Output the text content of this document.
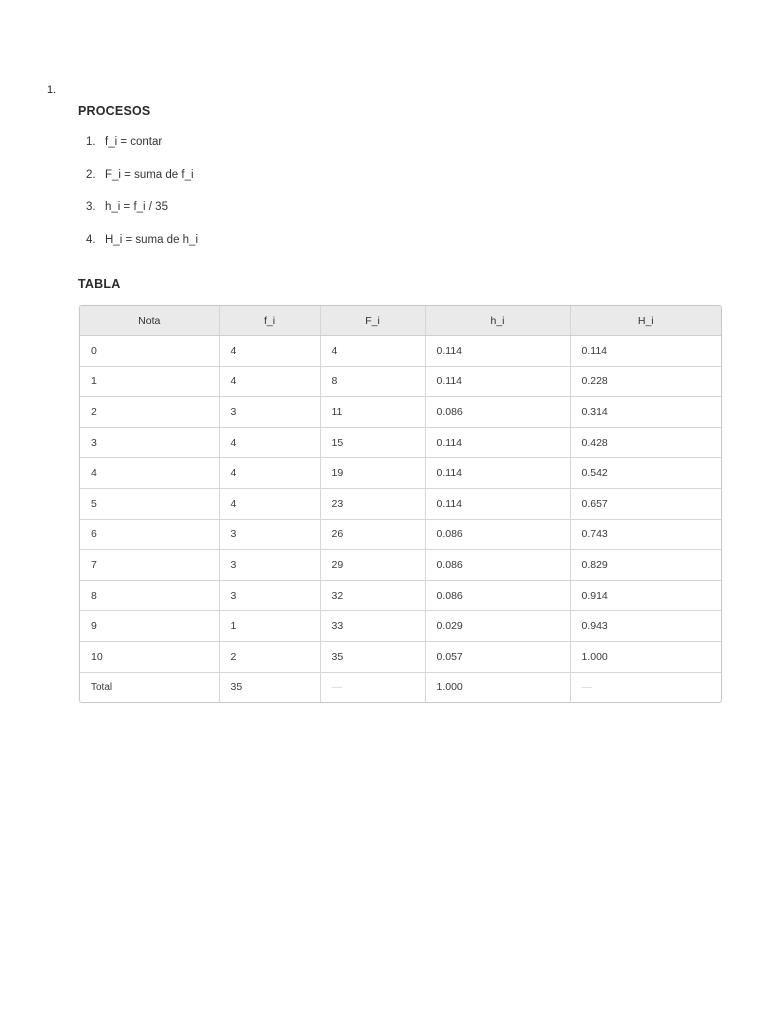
1.
PROCESOS
1. f_i = contar
2. F_i = suma de f_i
3. h_i = f_i / 35
4. H_i = suma de h_i
TABLA
Nota	f_i	F_i	h_i	H_i
0	4	4	0.114	0.114
1	4	8	0.114	0.228
2	3	11	0.086	0.314
3	4	15	0.114	0.428
4	4	19	0.114	0.542
5	4	23	0.114	0.657
6	3	26	0.086	0.743
7	3	29	0.086	0.829
8	3	32	0.086	0.914
9	1	33	0.029	0.943
10	2	35	0.057	1.000
Total	35	—	1.000	—
